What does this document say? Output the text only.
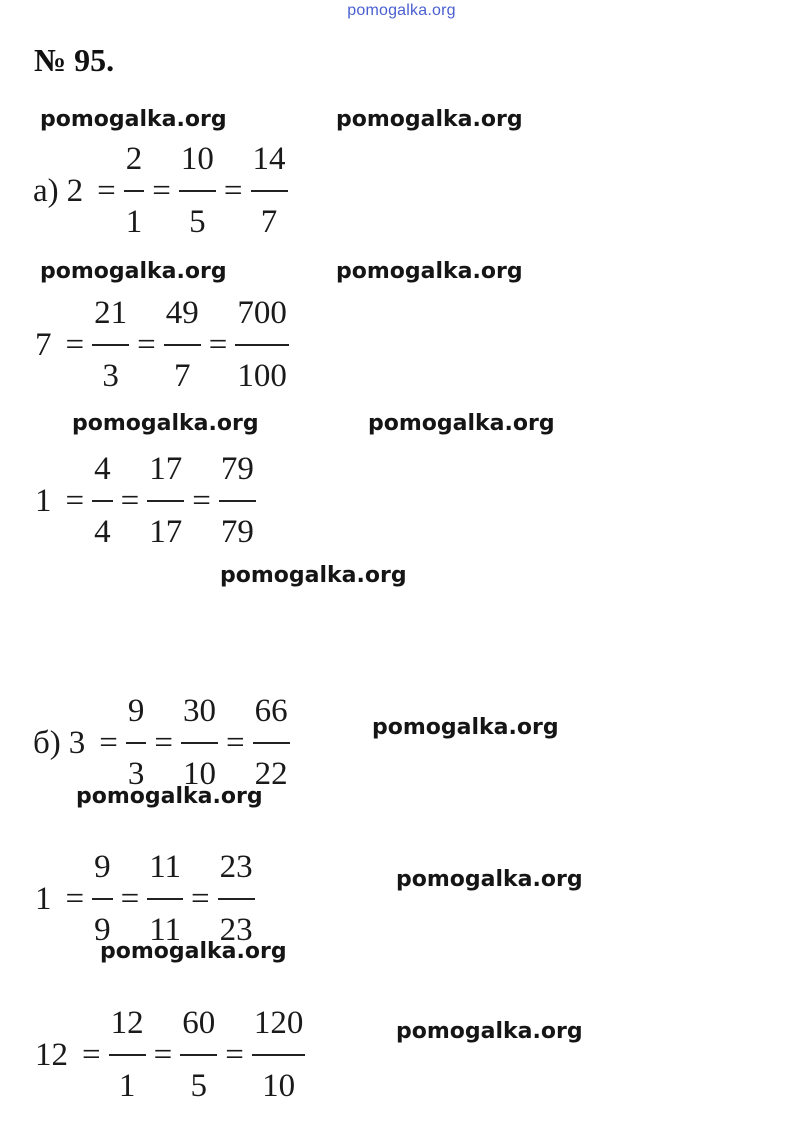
pomogalka.org
№ 95.
pomogalka.org	pomogalka.org
pomogalka.org	pomogalka.org
pomogalka.org	pomogalka.org
pomogalka.org
pomogalka.org
pomogalka.org
pomogalka.org
pomogalka.org
pomogalka.org
а) $2 = \frac{2}{1} = \frac{10}{5} = \frac{14}{7}$
$7 = \frac{21}{3} = \frac{49}{7} = \frac{700}{100}$
$1 = \frac{4}{4} = \frac{17}{17} = \frac{79}{79}$
б) $3 = \frac{9}{3} = \frac{30}{10} = \frac{66}{22}$
$1 = \frac{9}{9} = \frac{11}{11} = \frac{23}{23}$
$12 = \frac{12}{1} = \frac{60}{5} = \frac{120}{10}$
